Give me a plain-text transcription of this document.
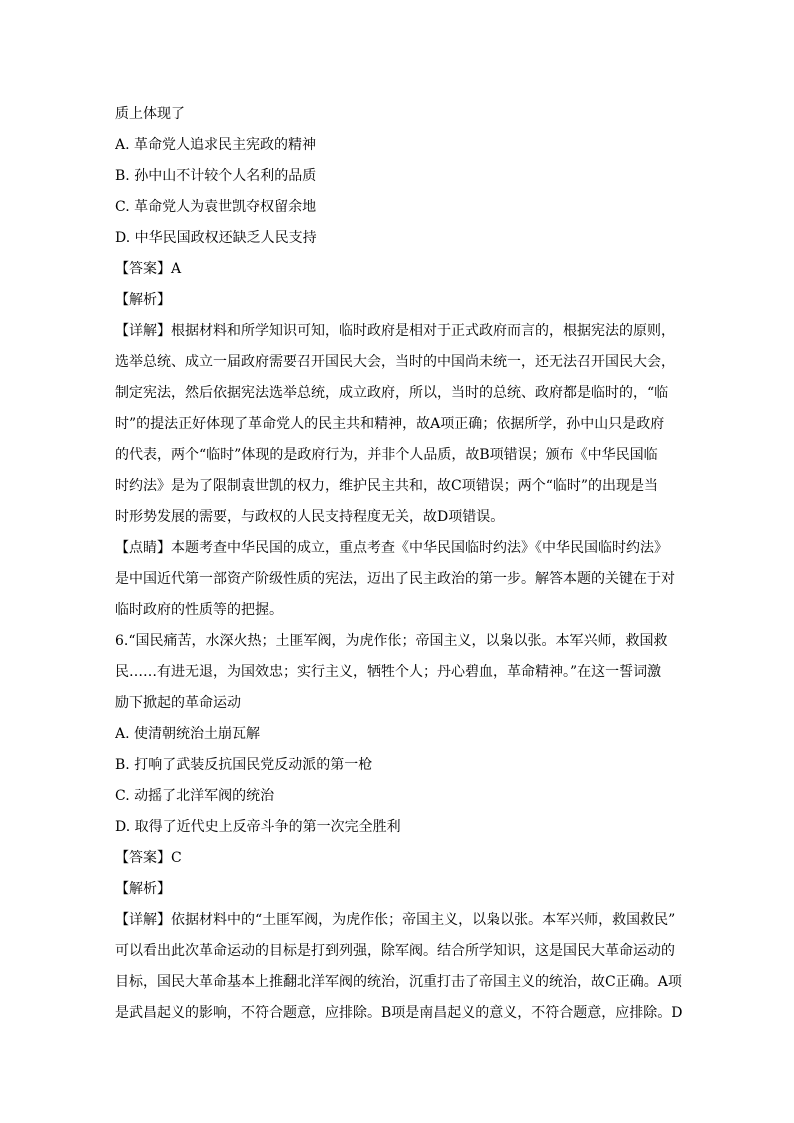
质上体现了
A. 革命党人追求民主宪政的精神
B. 孙中山不计较个人名利的品质
C. 革命党人为袁世凯夺权留余地
D. 中华民国政权还缺乏人民支持
【答案】A
【解析】
【详解】根据材料和所学知识可知，临时政府是相对于正式政府而言的，根据宪法的原则，
选举总统、成立一届政府需要召开国民大会，当时的中国尚未统一，还无法召开国民大会，
制定宪法，然后依据宪法选举总统，成立政府，所以，当时的总统、政府都是临时的，“临
时”的提法正好体现了革命党人的民主共和精神，故A项正确；依据所学，孙中山只是政府
的代表，两个“临时”体现的是政府行为，并非个人品质，故B项错误；颁布《中华民国临
时约法》是为了限制袁世凯的权力，维护民主共和，故C项错误；两个“临时”的出现是当
时形势发展的需要，与政权的人民支持程度无关，故D项错误。
【点睛】本题考查中华民国的成立，重点考查《中华民国临时约法》《中华民国临时约法》
是中国近代第一部资产阶级性质的宪法，迈出了民主政治的第一步。解答本题的关键在于对
临时政府的性质等的把握。
6.“国民痛苦，水深火热；土匪军阀，为虎作伥；帝国主义，以枭以张。本军兴师，救国救
民……有进无退，为国效忠；实行主义，牺牲个人；丹心碧血，革命精神。”在这一誓词激
励下掀起的革命运动
A. 使清朝统治土崩瓦解
B. 打响了武装反抗国民党反动派的第一枪
C. 动摇了北洋军阀的统治
D. 取得了近代史上反帝斗争的第一次完全胜利
【答案】C
【解析】
【详解】依据材料中的“土匪军阀，为虎作伥；帝国主义，以枭以张。本军兴师，救国救民”
可以看出此次革命运动的目标是打到列强，除军阀。结合所学知识，这是国民大革命运动的
目标，国民大革命基本上推翻北洋军阀的统治，沉重打击了帝国主义的统治，故C正确。A项
是武昌起义的影响，不符合题意，应排除。B项是南昌起义的意义，不符合题意，应排除。D
